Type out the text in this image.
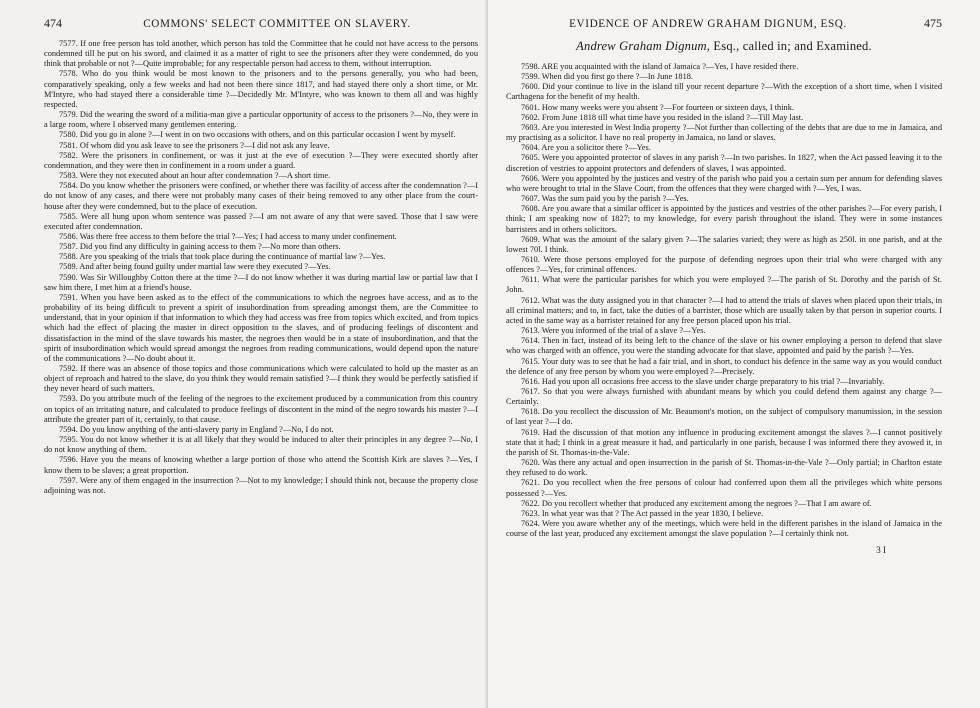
474	COMMONS' SELECT COMMITTEE ON SLAVERY.

7577. If one free person has told another, which person has told the Committee that he could not have access to the persons condemned till he put on his sword, and claimed it as a matter of right to see the prisoners after they were condemned, do you think that probable or not ?—Quite improbable; for any respectable person had access to them, without interruption.

7578. Who do you think would be most known to the prisoners and to the persons generally, you who had been, comparatively speaking, only a few weeks and had not been there since 1817, and had stayed there only a short time, or Mr. M'Intyre, who had stayed there a considerable time ?—Decidedly Mr. M'Intyre, who was known to them all and was highly respected.

7579. Did the wearing the sword of a militia-man give a particular opportunity of access to the prisoners ?—No, they were in a large room, where I observed many gentlemen entering.

7580. Did you go in alone ?—I went in on two occasions with others, and on this particular occasion I went by myself.

7581. Of whom did you ask leave to see the prisoners ?—I did not ask any leave.

7582. Were the prisoners in confinement, or was it just at the eve of execution ?—They were executed shortly after condemnation, and they were then in confinement in a room under a guard.

7583. Were they not executed about an hour after condemnation ?—A short time.

7584. Do you know whether the prisoners were confined, or whether there was facility of access after the condemnation ?—I do not know of any cases, and there were not probably many cases of their being removed to any other place from the court-house after they were condemned, but to the place of execution.

7585. Were all hung upon whom sentence was passed ?—I am not aware of any that were saved. Those that I saw were executed after condemnation.

7586. Was there free access to them before the trial ?—Yes; I had access to many under confinement.

7587. Did you find any difficulty in gaining access to them ?—No more than others.

7588. Are you speaking of the trials that took place during the continuance of martial law ?—Yes.

7589. And after being found guilty under martial law were they executed ?—Yes.

7590. Was Sir Willoughby Cotton there at the time ?—I do not know whether it was during martial law or partial law that I saw him there, I met him at a friend's house.

7591. When you have been asked as to the effect of the communications to which the negroes have access, and as to the probability of its being difficult to prevent a spirit of insubordination from spreading amongst them, are the Committee to understand, that in your opinion if that information to which they had access was free from topics which excited, and from topics which had the effect of placing the master in direct opposition to the slaves, and of producing feelings of discontent and dissatisfaction in the mind of the slave towards his master, the negroes then would be in a state of insubordination, and that the spirit of insubordination which would spread amongst the negroes from reading communications, would depend upon the nature of the communications ?—No doubt about it.

7592. If there was an absence of those topics and those communications which were calculated to hold up the master as an object of reproach and hatred to the slave, do you think they would remain satisfied ?—I think they would be perfectly satisfied if they never heard of such matters.

7593. Do you attribute much of the feeling of the negroes to the excitement produced by a communication from this country on topics of an irritating nature, and calculated to produce feelings of discontent in the mind of the negro towards his master ?—I attribute the greater part of it, certainly, to that cause.

7594. Do you know anything of the anti-slavery party in England ?—No, I do not.

7595. You do not know whether it is at all likely that they would be induced to alter their principles in any degree ?—No, I do not know anything of them.

7596. Have you the means of knowing whether a large portion of those who attend the Scottish Kirk are slaves ?—Yes, I know them to be slaves; a great proportion.

7597. Were any of them engaged in the insurrection ?—Not to my knowledge; I should think not, because the property close adjoining was not.

EVIDENCE OF ANDREW GRAHAM DIGNUM, ESQ.	475
Andrew Graham Dignum, Esq., called in; and Examined.

7598. ARE you acquainted with the island of Jamaica ?—Yes, I have resided there.

7599. When did you first go there ?—In June 1818.

7600. Did your continue to live in the island till your recent departure ?—With the exception of a short time, when I visited Carthagena for the benefit of my health.

7601. How many weeks were you absent ?—For fourteen or sixteen days, I think.

7602. From June 1818 till what time have you resided in the island ?—Till May last.

7603. Are you interested in West India property ?—Not further than collecting of the debts that are due to me in Jamaica, and my practising as a solicitor. I have no real property in Jamaica, no land or slaves.

7604. Are you a solicitor there ?—Yes.

7605. Were you appointed protector of slaves in any parish ?—In two parishes. In 1827, when the Act passed leaving it to the discretion of vestries to appoint protectors and defenders of slaves, I was appointed.

7606. Were you appointed by the justices and vestry of the parish who paid you a certain sum per annum for defending slaves who were brought to trial in the Slave Court, from the offences that they were charged with ?—Yes, I was.

7607. Was the sum paid you by the parish ?—Yes.

7608. Are you aware that a similar officer is appointed by the justices and vestries of the other parishes ?—For every parish, I think; I am speaking now of 1827; to my knowledge, for every parish throughout the island. They were in some instances barristers and in others solicitors.

7609. What was the amount of the salary given ?—The salaries varied; they were as high as 250l. in one parish, and at the lowest 70l. I think.

7610. Were those persons employed for the purpose of defending negroes upon their trial who were charged with any offences ?—Yes, for criminal offences.

7611. What were the particular parishes for which you were employed ?—The parish of St. Dorothy and the parish of St. John.

7612. What was the duty assigned you in that character ?—I had to attend the trials of slaves when placed upon their trials, in all criminal matters; and to, in fact, take the duties of a barrister, those which are usually taken by that person in superior courts. I acted in the same way as a barrister retained for any free person placed upon his trial.

7613. Were you informed of the trial of a slave ?—Yes.

7614. Then in fact, instead of its being left to the chance of the slave or his owner employing a person to defend that slave who was charged with an offence, you were the standing advocate for that slave, appointed and paid by the parish ?—Yes.

7615. Your duty was to see that he had a fair trial, and in short, to conduct his defence in the same way as you would conduct the defence of any free person by whom you were employed ?—Precisely.

7616. Had you upon all occasions free access to the slave under charge preparatory to his trial ?—Invariably.

7617. So that you were always furnished with abundant means by which you could defend them against any charge ?—Certainly.

7618. Do you recollect the discussion of Mr. Beaumont's motion, on the subject of compulsory manumission, in the session of last year ?—I do.

7619. Had the discussion of that motion any influence in producing excitement amongst the slaves ?—I cannot positively state that it had; I think in a great measure it had, and particularly in one parish, because I was informed there they avowed it, in the parish of St. Thomas-in-the-Vale.

7620. Was there any actual and open insurrection in the parish of St. Thomas-in-the-Vale ?—Only partial; in Charlton estate they refused to do work.

7621. Do you recollect when the free persons of colour had conferred upon them all the privileges which white persons possessed ?—Yes.

7622. Do you recollect whether that produced any excitement among the negroes ?—That I am aware of.

7623. In what year was that ? The Act passed in the year 1830, I believe.

7624. Were you aware whether any of the meetings, which were held in the different parishes in the island of Jamaica in the course of the last year, produced any excitement amongst the slave population ?—I certainly think not.

3 I
